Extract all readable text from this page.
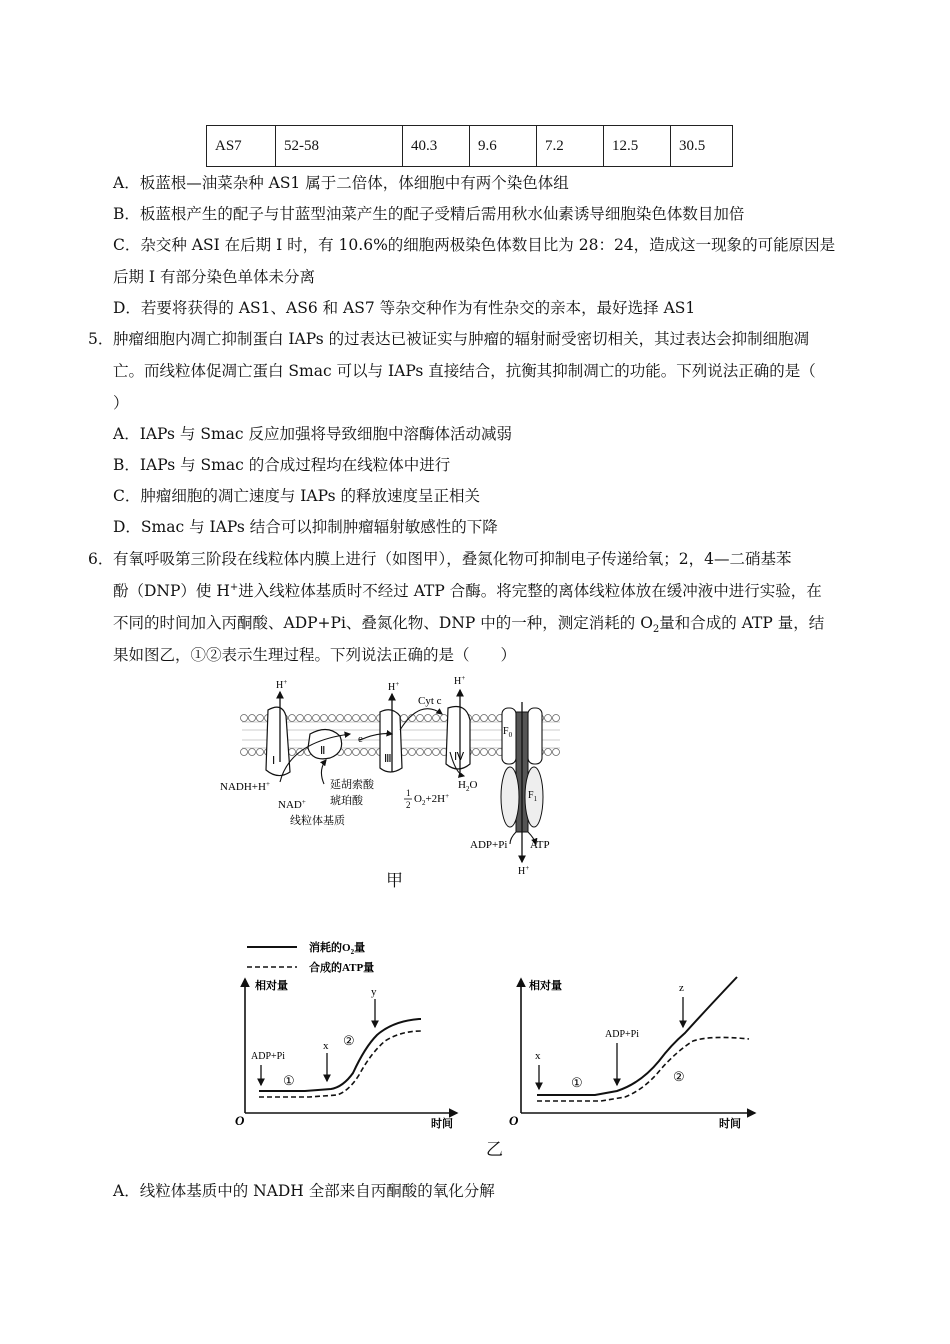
AS7	52-58	40.3	9.6	7.2	12.5	30.5
A．板蓝根—油菜杂种 AS1 属于二倍体，体细胞中有两个染色体组
B．板蓝根产生的配子与甘蓝型油菜产生的配子受精后需用秋水仙素诱导细胞染色体数目加倍
C．杂交种 ASI 在后期 I 时，有 10.6%的细胞两极染色体数目比为 28：24，造成这一现象的可能原因是
后期 I 有部分染色单体未分离
D．若要将获得的 AS1、AS6 和 AS7 等杂交种作为有性杂交的亲本，最好选择 AS1
5． 肿瘤细胞内凋亡抑制蛋白 IAPs 的过表达已被证实与肿瘤的辐射耐受密切相关，其过表达会抑制细胞凋
亡。而线粒体促凋亡蛋白 Smac 可以与 IAPs 直接结合，抗衡其抑制凋亡的功能。下列说法正确的是（
）
A．IAPs 与 Smac 反应加强将导致细胞中溶酶体活动减弱
B．IAPs 与 Smac 的合成过程均在线粒体中进行
C．肿瘤细胞的凋亡速度与 IAPs 的释放速度呈正相关
D．Smac 与 IAPs 结合可以抑制肿瘤辐射敏感性的下降
6． 有氧呼吸第三阶段在线粒体内膜上进行（如图甲），叠氮化物可抑制电子传递给氧；2，4—二硝基苯
酚（DNP）使 H+进入线粒体基质时不经过 ATP 合酶。将完整的离体线粒体放在缓冲液中进行实验，在
不同的时间加入丙酮酸、ADP+Pi、叠氮化物、DNP 中的一种，测定消耗的 $O_2$量和合成的 ATP 量，结
果如图乙，①②表示生理过程。下列说法正确的是（　　）
H+	H+	H+
Cyt c
e
Ⅰ
Ⅱ
Ⅲ	Ⅳ
$F_0$
$F_1$
NADH+H+
NAD+
延胡索酸
琥珀酸
线粒体基质
1
2 $O_2+2H^+$
$H_2O$
ADP+Pi ATP
H+
甲
消耗的$O_2$量
合成的ATP量
相对量
时间
O
ADP+Pi
x
y
①
②
相对量
时间
O
x
ADP+Pi
z
①	②
乙
A．线粒体基质中的 NADH 全部来自丙酮酸的氧化分解
